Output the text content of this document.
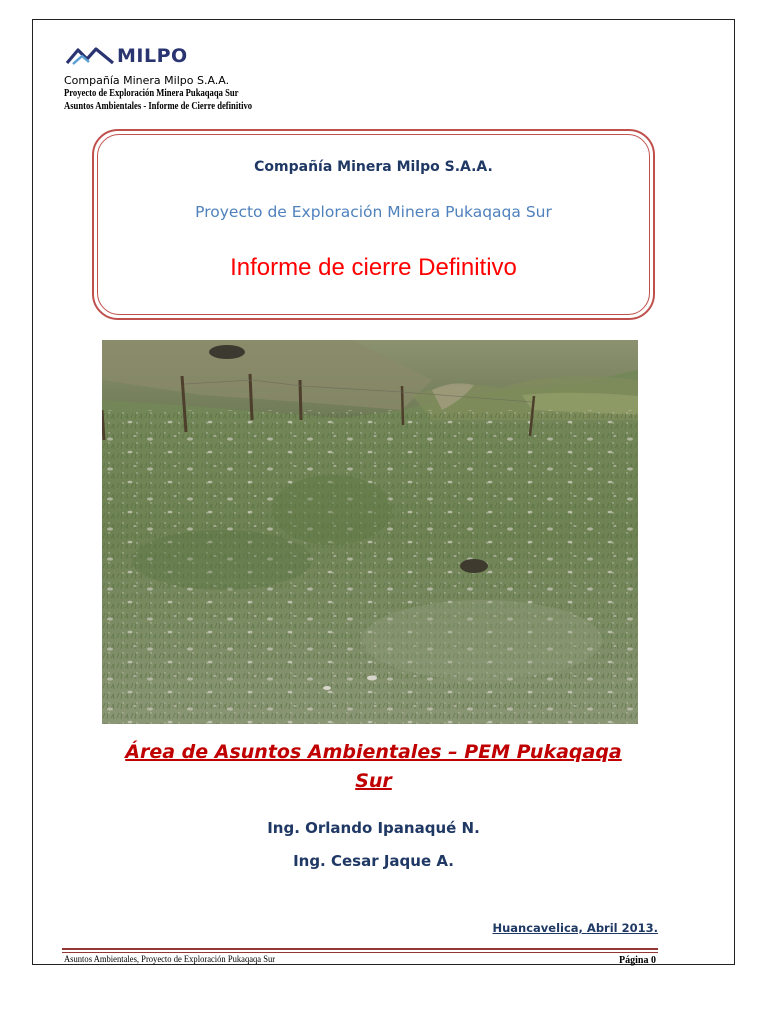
MILPO
Compañía Minera Milpo S.A.A.
Proyecto de Exploración Minera Pukaqaqa Sur
Asuntos Ambientales - Informe de Cierre definitivo
Compañía Minera Milpo S.A.A.
Proyecto de Exploración Minera Pukaqaqa Sur
Informe de cierre Definitivo
Área de Asuntos Ambientales – PEM Pukaqaqa
Sur
Ing. Orlando Ipanaqué N.
Ing. Cesar Jaque A.
Huancavelica, Abril 2013.
Asuntos Ambientales, Proyecto de Exploración Pukaqaqa Sur	Página 0
